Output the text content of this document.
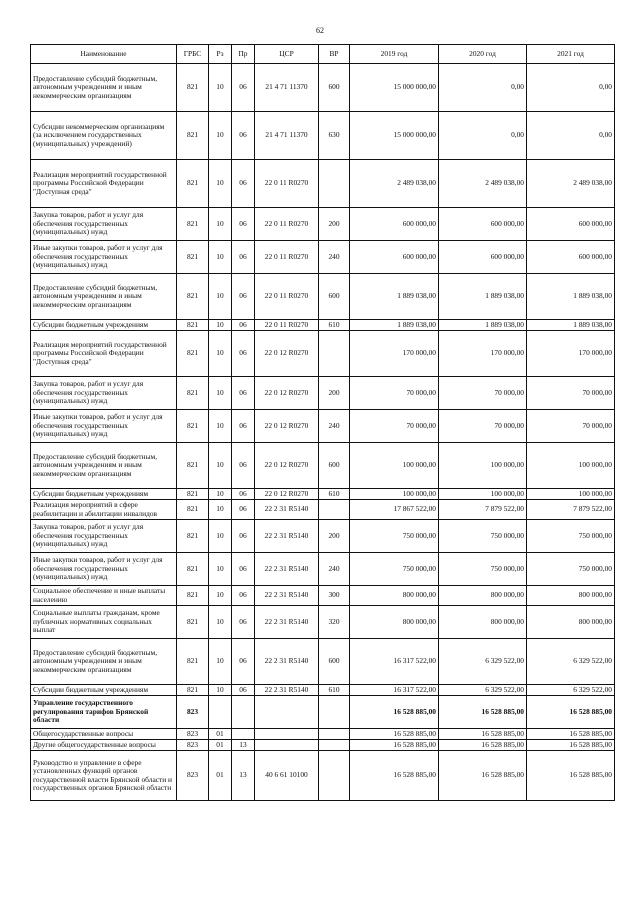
62
Наименование	ГРБС	Рз	Пр	ЦСР	ВР	2019 год	2020 год	2021 год
Предоставление субсидий бюджетным, автономным учреждениям и иным некоммерческим организациям	821	10	06	21 4 71 11370	600	15 000 000,00	0,00	0,00
Субсидии некоммерческим организациям (за исключением государственных (муниципальных) учреждений)	821	10	06	21 4 71 11370	630	15 000 000,00	0,00	0,00
Реализация мероприятий государственной программы Российской Федерации "Доступная среда"	821	10	06	22 0 11 R0270		2 489 038,00	2 489 038,00	2 489 038,00
Закупка товаров, работ и услуг для обеспечения государственных (муниципальных) нужд	821	10	06	22 0 11 R0270	200	600 000,00	600 000,00	600 000,00
Иные закупки товаров, работ и услуг для обеспечения государственных (муниципальных) нужд	821	10	06	22 0 11 R0270	240	600 000,00	600 000,00	600 000,00
Предоставление субсидий бюджетным, автономным учреждениям и иным некоммерческим организациям	821	10	06	22 0 11 R0270	600	1 889 038,00	1 889 038,00	1 889 038,00
Субсидии бюджетным учреждениям	821	10	06	22 0 11 R0270	610	1 889 038,00	1 889 038,00	1 889 038,00
Реализация мероприятий государственной программы Российской Федерации "Доступная среда"	821	10	06	22 0 12 R0270		170 000,00	170 000,00	170 000,00
Закупка товаров, работ и услуг для обеспечения государственных (муниципальных) нужд	821	10	06	22 0 12 R0270	200	70 000,00	70 000,00	70 000,00
Иные закупки товаров, работ и услуг для обеспечения государственных (муниципальных) нужд	821	10	06	22 0 12 R0270	240	70 000,00	70 000,00	70 000,00
Предоставление субсидий бюджетным, автономным учреждениям и иным некоммерческим организациям	821	10	06	22 0 12 R0270	600	100 000,00	100 000,00	100 000,00
Субсидии бюджетным учреждениям	821	10	06	22 0 12 R0270	610	100 000,00	100 000,00	100 000,00
Реализация мероприятий в сфере реабилитации и абилитации инвалидов	821	10	06	22 2 31 R5140		17 867 522,00	7 879 522,00	7 879 522,00
Закупка товаров, работ и услуг для обеспечения государственных (муниципальных) нужд	821	10	06	22 2 31 R5140	200	750 000,00	750 000,00	750 000,00
Иные закупки товаров, работ и услуг для обеспечения государственных (муниципальных) нужд	821	10	06	22 2 31 R5140	240	750 000,00	750 000,00	750 000,00
Социальное обеспечение и иные выплаты населению	821	10	06	22 2 31 R5140	300	800 000,00	800 000,00	800 000,00
Социальные выплаты гражданам, кроме публичных нормативных социальных выплат	821	10	06	22 2 31 R5140	320	800 000,00	800 000,00	800 000,00
Предоставление субсидий бюджетным, автономным учреждениям и иным некоммерческим организациям	821	10	06	22 2 31 R5140	600	16 317 522,00	6 329 522,00	6 329 522,00
Субсидии бюджетным учреждениям	821	10	06	22 2 31 R5140	610	16 317 522,00	6 329 522,00	6 329 522,00
Управление государственного регулирования тарифов Брянской области	823					16 528 885,00	16 528 885,00	16 528 885,00
Общегосударственные вопросы	823	01				16 528 885,00	16 528 885,00	16 528 885,00
Другие общегосударственные вопросы	823	01	13			16 528 885,00	16 528 885,00	16 528 885,00
Руководство и управление в сфере установленных функций органов государственной власти Брянской области и государственных органов Брянской области	823	01	13	40 6 61 10100		16 528 885,00	16 528 885,00	16 528 885,00
